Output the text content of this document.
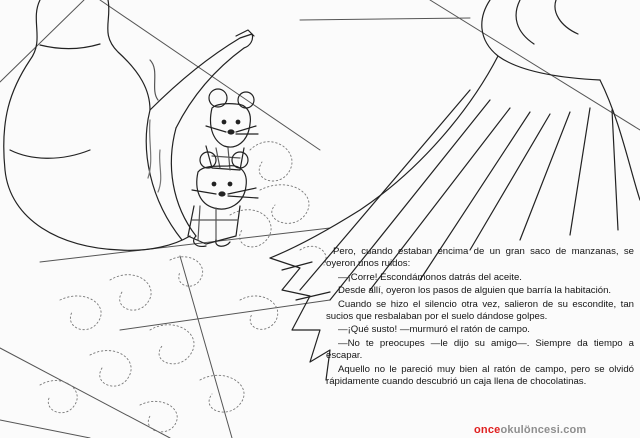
Pero, cuando estaban encima de un gran saco de manzanas, se oyeron unos ruidos:

—¡Corre! Escondámonos datrás del aceite.

Desde allí, oyeron los pasos de alguien que barría la habitación.

Cuando se hizo el silencio otra vez, salieron de su escondite, tan sucios que resbalaban por el suelo dándose golpes.

—¡Qué susto! —murmuró el ratón de campo.

—No te preocupes —le dijo su amigo—. Siempre da tiempo a escapar.

Aquello no le pareció muy bien al ratón de campo, pero se olvidó rápidamente cuando descubrió un caja llena de chocolatinas.

onceokulöncesi.com
